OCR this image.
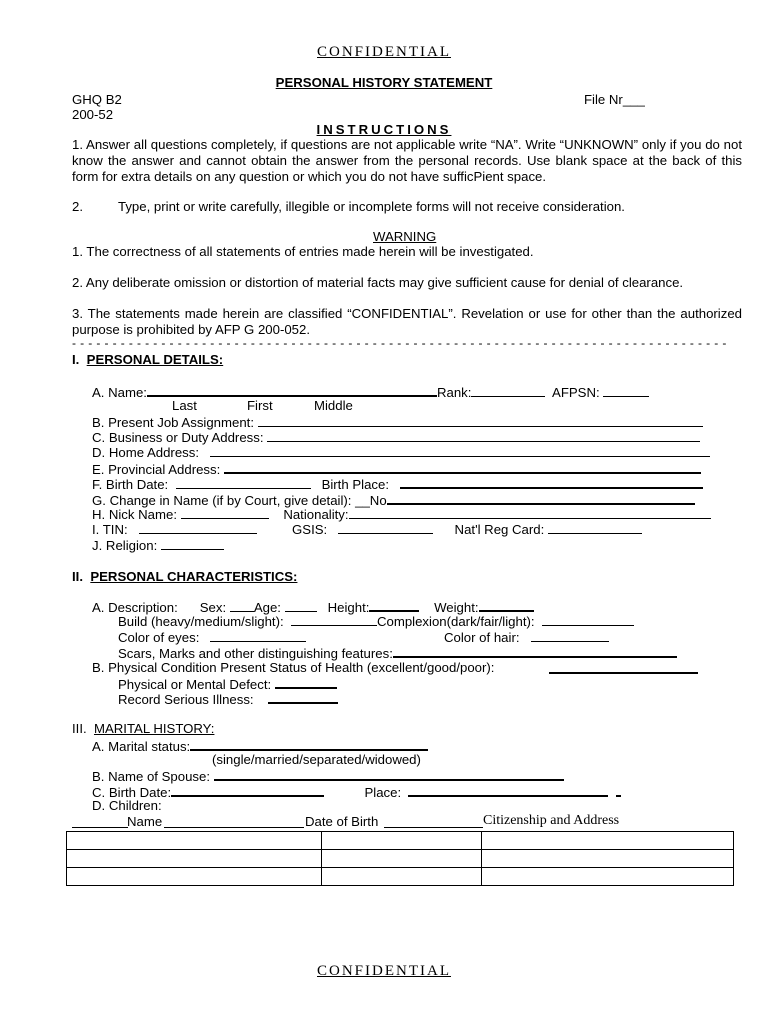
CONFIDENTIAL
PERSONAL HISTORY STATEMENT
GHQ B2
200-52
File Nr___
INSTRUCTIONS
1. Answer all questions completely, if questions are not applicable write “NA”. Write “UNKNOWN” only if you do not know the answer and cannot obtain the answer from the personal records. Use blank space at the back of this form for extra details on any question or which you do not have sufficPient space.
2.	Type, print or write carefully, illegible or incomplete forms will not receive consideration.
WARNING
1. The correctness of all statements of entries made herein will be investigated.
2. Any deliberate omission or distortion of material facts may give sufficient cause for denial of clearance.
3. The statements made herein are classified “CONFIDENTIAL”. Revelation or use for other than the authorized purpose is prohibited by AFP G 200-052.
- - - - - - - - - - - - - - - - - - - - - - - - - - - - - - - - - - - - - - - - - - - - - - - - - - - - - - - - - - - - - - - - - - - - - - - - - - - - - - - - -
I. PERSONAL DETAILS:
A. Name:	Rank:	AFPSN:
Last	First	Middle
B. Present Job Assignment:
C. Business or Duty Address:
D. Home Address:
E. Provincial Address:
F. Birth Date:	Birth Place:
G. Change in Name (if by Court, give detail): __No
H. Nick Name:	Nationality:
I. TIN:	GSIS:	Nat'l Reg Card:
J. Religion:
II. PERSONAL CHARACTERISTICS:
A. Description: Sex: Age:	Height:	Weight:
Build (heavy/medium/slight):	Complexion(dark/fair/light):
Color of eyes:	Color of hair:
Scars, Marks and other distinguishing features:
B. Physical Condition Present Status of Health (excellent/good/poor):
Physical or Mental Defect:
Record Serious Illness:
III. MARITAL HISTORY:
A. Marital status:
(single/married/separated/widowed)
B. Name of Spouse:
C. Birth Date:	Place:
D. Children:
Name	Date of Birth	Citizenship and Address

CONFIDENTIAL
